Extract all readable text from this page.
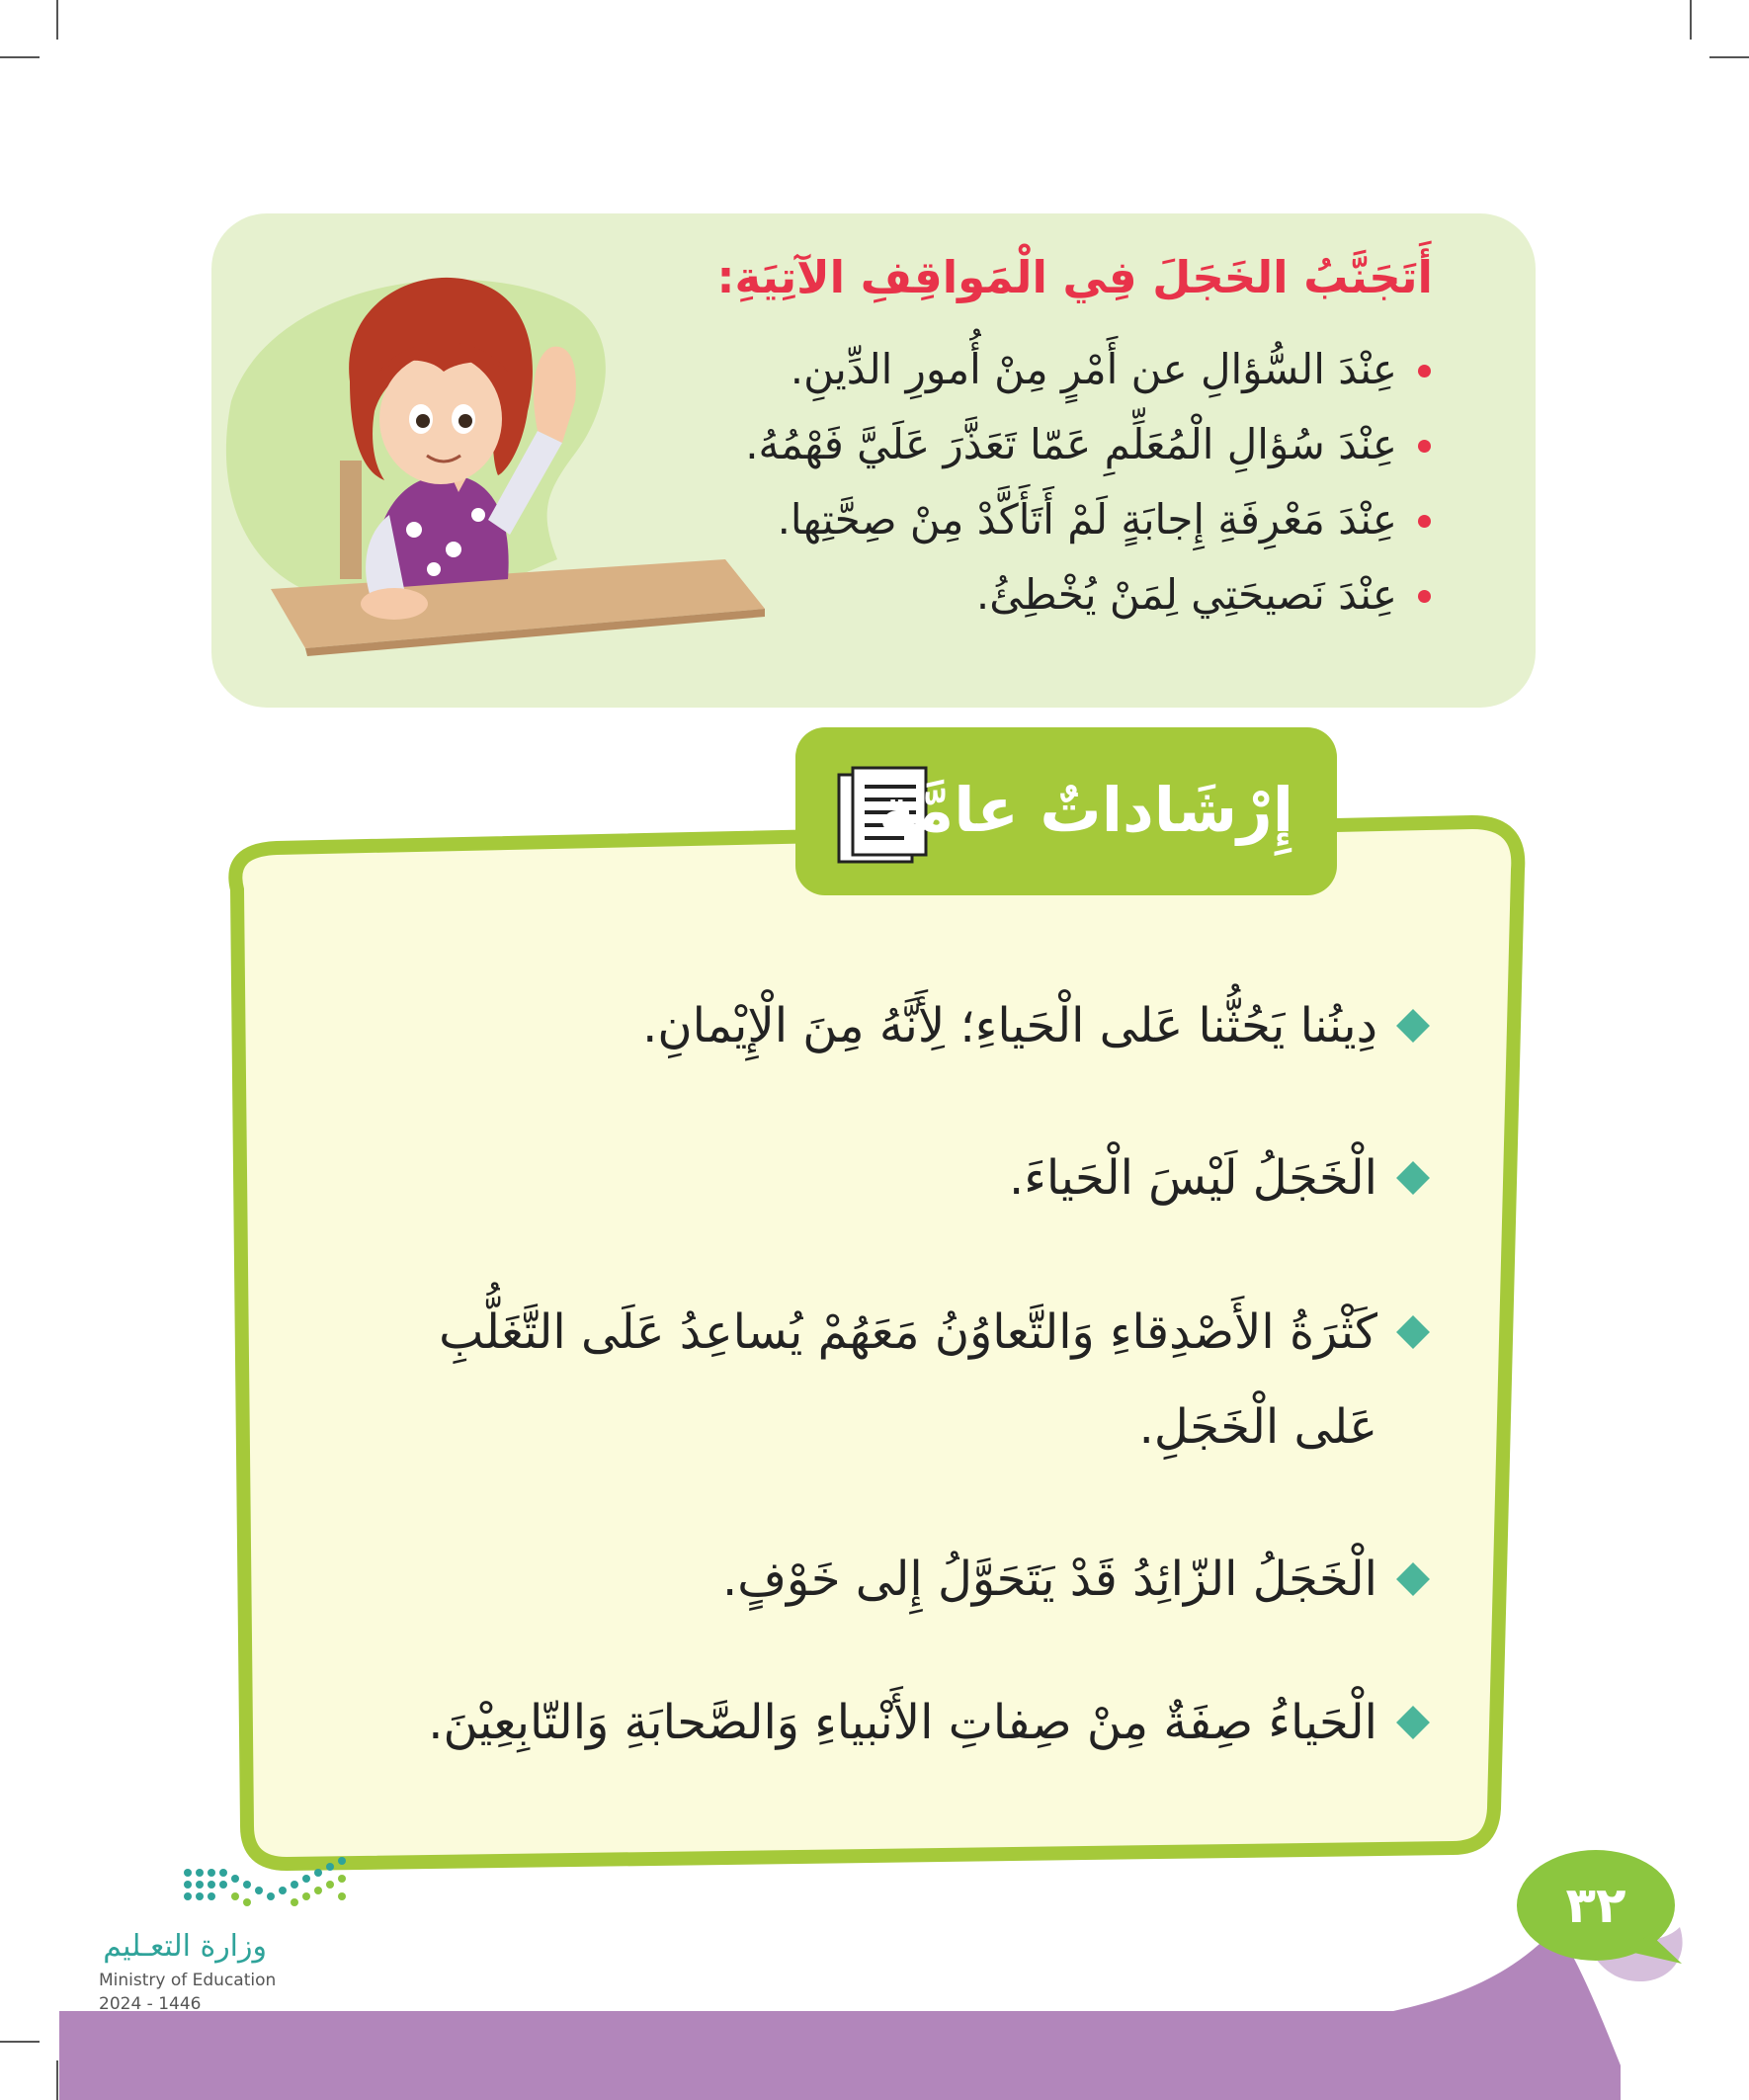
أَتَجَنَّبُ الخَجَلَ فِي الْمَواقِفِ الآتِيَةِ:
عِنْدَ السُّؤالِ عن أَمْرٍ مِنْ أُمورِ الدِّينِ.
عِنْدَ سُؤالِ الْمُعَلِّمِ عَمّا تَعَذَّرَ عَلَيَّ فَهْمُهُ.
عِنْدَ مَعْرِفَةِ إِجابَةٍ لَمْ أَتَأَكَّدْ مِنْ صِحَّتِها.
عِنْدَ نَصيحَتِي لِمَنْ يُخْطِئُ.
إِرْشَاداتٌ عامَّة
دِينُنا يَحُثُّنا عَلى الْحَياءِ؛ لِأَنَّهُ مِنَ الْإِيْمانِ.
الْخَجَلُ لَيْسَ الْحَياءَ.
كَثْرَةُ الأَصْدِقاءِ وَالتَّعاوُنُ مَعَهُمْ يُساعِدُ عَلَى التَّغَلُّبِ عَلى الْخَجَلِ.
الْخَجَلُ الزّائِدُ قَدْ يَتَحَوَّلُ إِلى خَوْفٍ.
الْحَياءُ صِفَةٌ مِنْ صِفاتِ الأَنْبياءِ وَالصَّحابَةِ وَالتّابِعِيْنَ.
٣٢
وزارة التعـليم
Ministry of Education
2024 - 1446
